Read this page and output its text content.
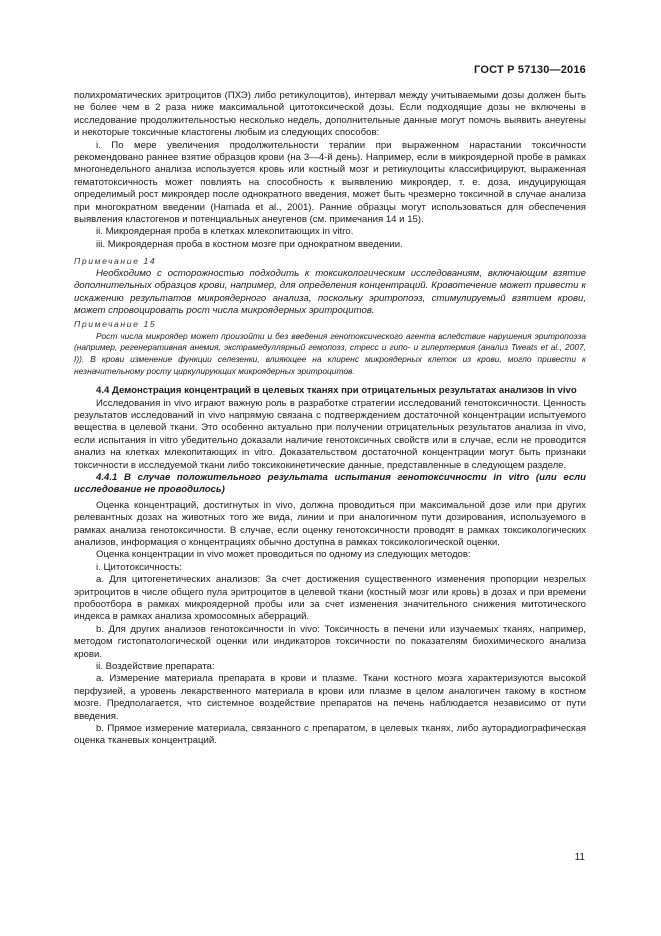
ГОСТ Р 57130—2016

полихроматических эритроцитов (ПХЭ) либо ретикулоцитов), интервал между учитываемыми дозы должен быть не более чем в 2 раза ниже максимальной цитотоксической дозы. Если подходящие дозы не включены в исследование продолжительностью несколько недель, дополнительные данные могут помочь выявить анеугены и некоторые токсичные кластогены любым из следующих способов:

i. По мере увеличения продолжительности терапии при выраженном нарастании токсичности рекомендовано раннее взятие образцов крови (на 3—4-й день). Например, если в микроядерной пробе в рамках многонедельного анализа используется кровь или костный мозг и ретикулоциты классифицируют, выраженная гематотоксичность может повлиять на способность к выявлению микроядер, т. е. доза, индуцирующая определимый рост микроядер после однократного введения, может быть чрезмерно токсичной в случае анализа при многократном введении (Hamada et al., 2001). Ранние образцы могут использоваться для обеспечения выявления кластогенов и потенциальных анеугенов (см. примечания 14 и 15).

ii. Микроядерная проба в клетках млекопитающих in vitro.

iii. Микроядерная проба в костном мозге при однократном введении.

Примечание 14

Необходимо с осторожностью подходить к токсикологическим исследованиям, включающим взятие дополнительных образцов крови, например, для определения концентраций. Кровотечение может привести к искажению результатов микроядерного анализа, поскольку эритропоэз, стимулируемый взятием крови, может спровоцировать рост числа микроядерных эритроцитов.

Примечание 15

Рост числа микроядер может произойти и без введения генотоксического агента вследствие нарушения эритропоэза (например, регенеративная анемия, экстрамедуллярный гемопоэз, стресс и гипо- и гипертермия (анализ Tweats et al., 2007, I)). В крови изменение функции селезенки, влияющее на клиренс микроядерных клеток из крови, могло привести к незначительному росту циркулирующих микроядерных эритроцитов.

4.4 Демонстрация концентраций в целевых тканях при отрицательных результатах анализов in vivo

Исследования in vivo играют важную роль в разработке стратегии исследований генотоксичности. Ценность результатов исследований in vivo напрямую связана с подтверждением достаточной концентрации испытуемого вещества в целевой ткани. Это особенно актуально при получении отрицательных результатов анализа in vivo, если испытания in vitro убедительно доказали наличие генотоксичных свойств или в случае, если не проводится анализ на клетках млекопитающих in vitro. Доказательством достаточной концентрации могут быть признаки токсичности в исследуемой ткани либо токсикокинетические данные, представленные в следующем разделе.

4.4.1 В случае положительного результата испытания генотоксичности in vitro (или если исследование не проводилось)

Оценка концентраций, достигнутых in vivo, должна проводиться при максимальной дозе или при других релевантных дозах на животных того же вида, линии и при аналогичном пути дозирования, используемого в рамках анализа генотоксичности. В случае, если оценку генотоксичности проводят в рамках токсикологических анализов, информация о концентрациях обычно доступна в рамках токсикологической оценки.

Оценка концентрации in vivo может проводиться по одному из следующих методов:

i. Цитотоксичность:

a. Для цитогенетических анализов: За счет достижения существенного изменения пропорции незрелых эритроцитов в числе общего пула эритроцитов в целевой ткани (костный мозг или кровь) в дозах и при времени пробоотбора в рамках микроядерной пробы или за счет изменения значительного снижения митотического индекса в рамках анализа хромосомных аберраций.

b. Для других анализов генотоксичности in vivo: Токсичность в печени или изучаемых тканях, например, методом гистопатологической оценки или индикаторов токсичности по показателям биохимического анализа крови.

ii. Воздействие препарата:

a. Измерение материала препарата в крови и плазме. Ткани костного мозга характеризуются высокой перфузией, а уровень лекарственного материала в крови или плазме в целом аналогичен такому в костном мозге. Предполагается, что системное воздействие препаратов на печень наблюдается независимо от пути введения.

b. Прямое измерение материала, связанного с препаратом, в целевых тканях, либо ауторадиографическая оценка тканевых концентраций.

11
